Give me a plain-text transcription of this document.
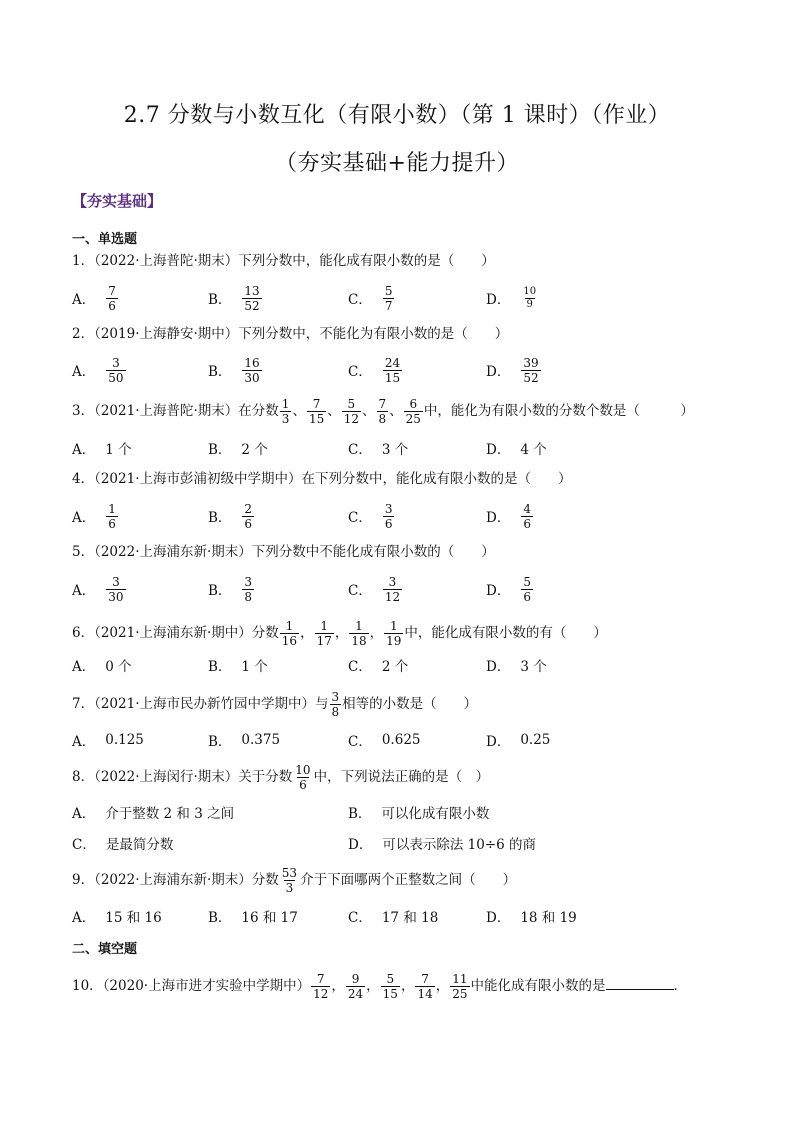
2.7 分数与小数互化（有限小数）（第 1 课时）（作业）
（夯实基础+能力提升）
【夯实基础】
一、单选题
1．（2022·上海普陀·期末）下列分数中，能化成有限小数的是（　　）
A． $\frac{7}{6}$	B． $\frac{13}{52}$	C． $\frac{5}{7}$	D． $\frac{10}{9}$
2．（2019·上海静安·期中）下列分数中，不能化为有限小数的是（　　）
A． $\frac{3}{50}$	B． $\frac{16}{30}$	C． $\frac{24}{15}$	D． $\frac{39}{52}$
3．（2021·上海普陀·期末）在分数 $\frac{1}{3}$ 、 $\frac{7}{15}$ 、 $\frac{5}{12}$ 、 $\frac{7}{8}$ 、 $\frac{6}{25}$ 中，能化为有限小数的分数个数是（　　　）
A． 1 个	B． 2 个	C． 3 个	D． 4 个
4．（2021·上海市彭浦初级中学期中）在下列分数中，能化成有限小数的是（　　）
A． $\frac{1}{6}$	B． $\frac{2}{6}$	C． $\frac{3}{6}$	D． $\frac{4}{6}$
5．（2022·上海浦东新·期末）下列分数中不能化成有限小数的（　　）
A． $\frac{3}{30}$	B． $\frac{3}{8}$	C． $\frac{3}{12}$	D． $\frac{5}{6}$
6．（2021·上海浦东新·期中）分数 $\frac{1}{16}$ ， $\frac{1}{17}$ ， $\frac{1}{18}$ ， $\frac{1}{19}$ 中，能化成有限小数的有（　　）
A． 0 个	B． 1 个	C． 2 个	D． 3 个
7．（2021·上海市民办新竹园中学期中）与 $\frac{3}{8}$ 相等的小数是（　　）
A． 0.125	B． 0.375	C． 0.625	D． 0.25
8．（2022·上海闵行·期末）关于分数 $\frac{10}{6}$ 中，下列说法正确的是（　）
A． 介于整数 2 和 3 之间	B． 可以化成有限小数
C． 是最简分数	D． 可以表示除法 10÷6 的商
9．（2022·上海浦东新·期末）分数 $\frac{53}{3}$ 介于下面哪两个正整数之间（　　）
A． 15 和 16	B． 16 和 17	C． 17 和 18	D． 18 和 19
二、填空题
10．（2020·上海市进才实验中学期中） $\frac{7}{12}$ ， $\frac{9}{24}$ ， $\frac{5}{15}$ ， $\frac{7}{14}$ ， $\frac{11}{25}$ 中能化成有限小数的是	．
